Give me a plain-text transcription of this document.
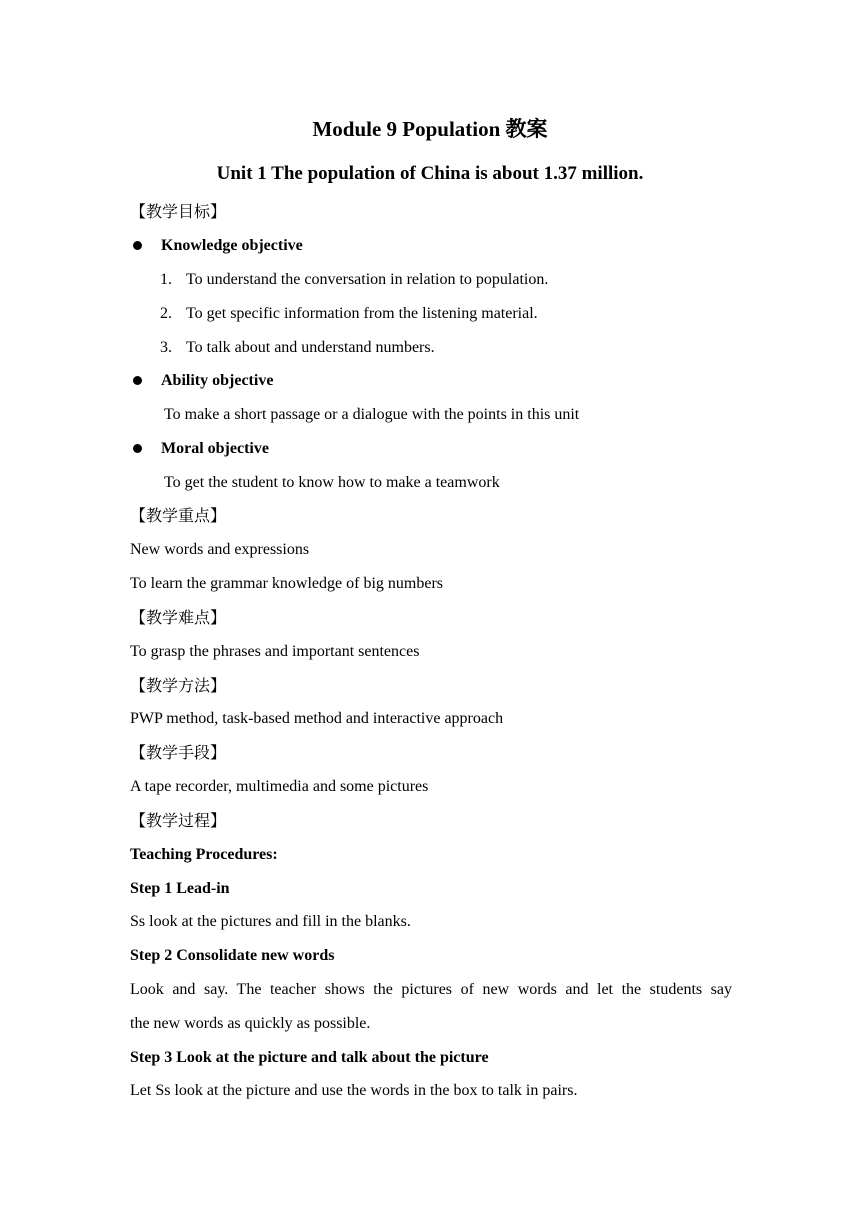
Module 9 Population 教案
Unit 1 The population of China is about 1.37 million.
【教学目标】
Knowledge objective
1. To understand the conversation in relation to population.
2. To get specific information from the listening material.
3. To talk about and understand numbers.
Ability objective
To make a short passage or a dialogue with the points in this unit
Moral objective
To get the student to know how to make a teamwork
【教学重点】
New words and expressions
To learn the grammar knowledge of big numbers
【教学难点】
To grasp the phrases and important sentences
【教学方法】
PWP method, task-based method and interactive approach
【教学手段】
A tape recorder, multimedia and some pictures
【教学过程】
Teaching Procedures:
Step 1 Lead-in
Ss look at the pictures and fill in the blanks.
Step 2 Consolidate new words
Look and say. The teacher shows the pictures of new words and let the students say
the new words as quickly as possible.
Step 3 Look at the picture and talk about the picture
Let Ss look at the picture and use the words in the box to talk in pairs.
